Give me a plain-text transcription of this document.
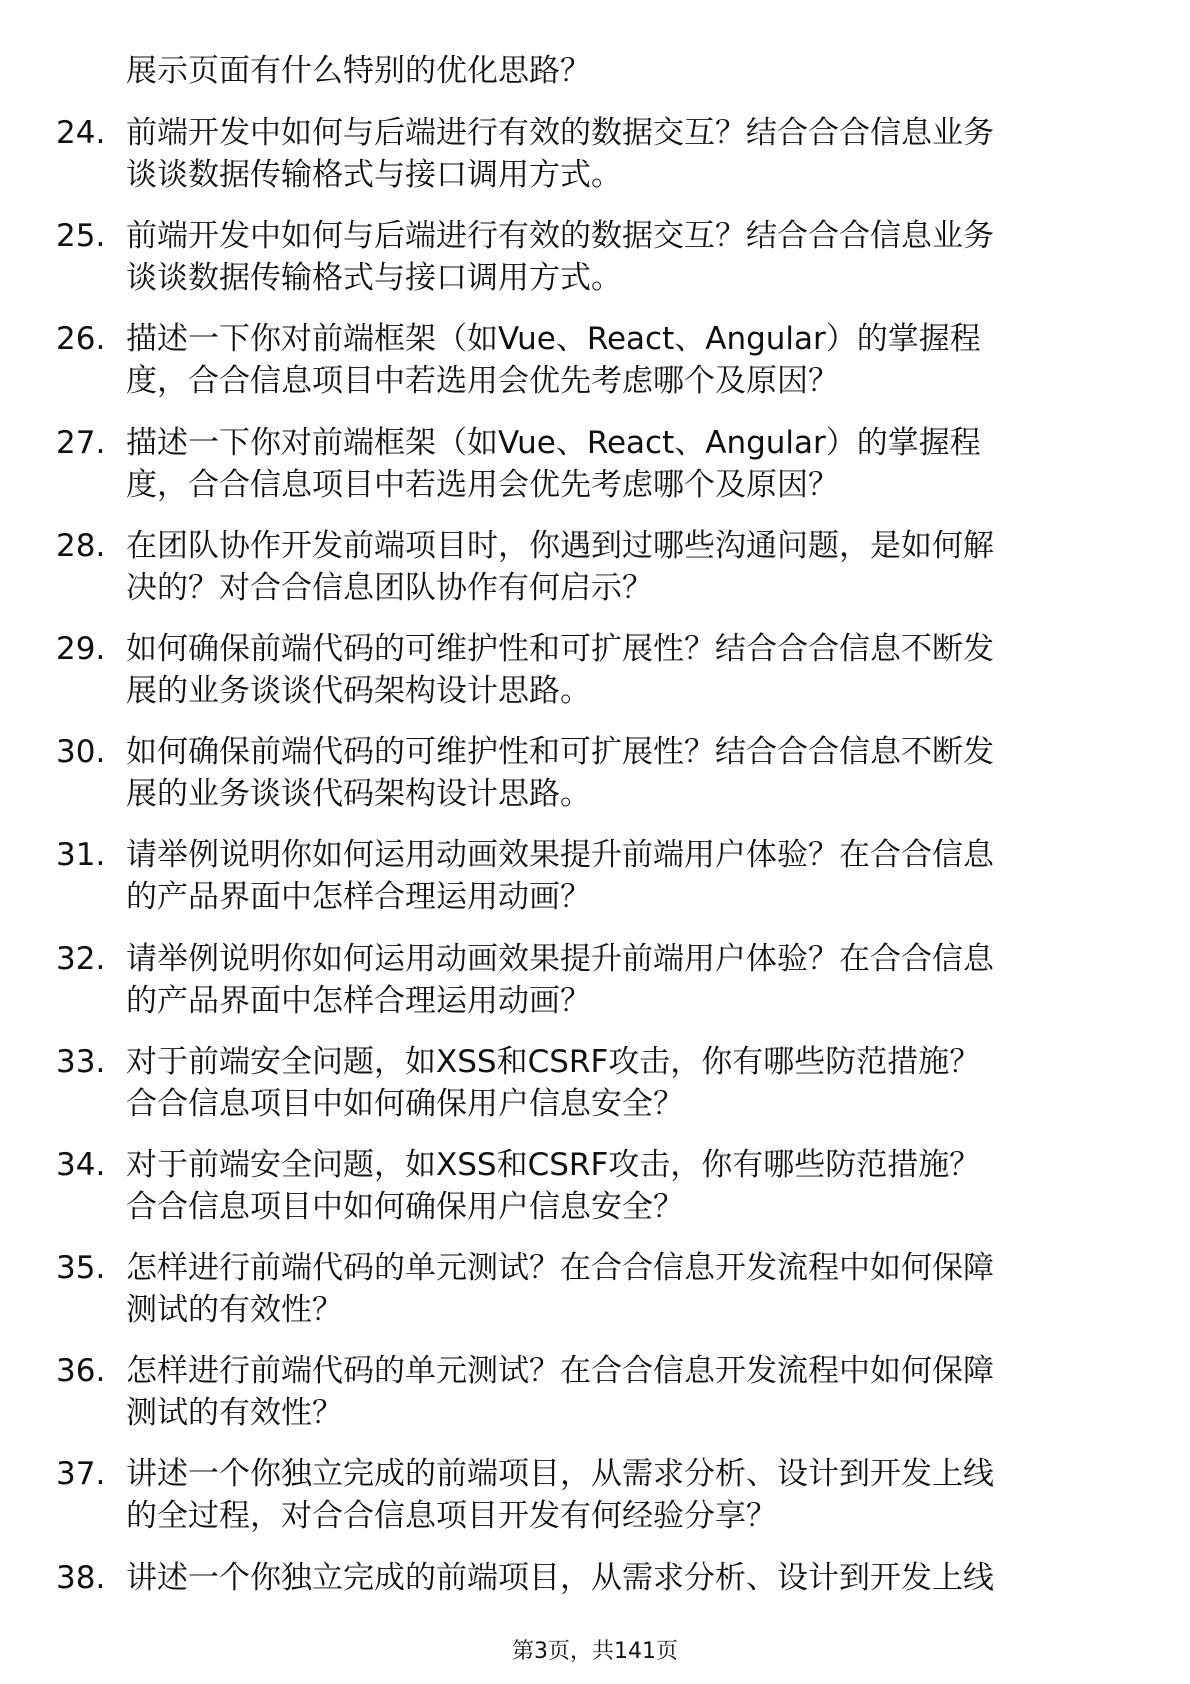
展示页面有什么特别的优化思路？
24. 前端开发中如何与后端进行有效的数据交互？结合合合信息业务
谈谈数据传输格式与接口调用方式。
25. 前端开发中如何与后端进行有效的数据交互？结合合合信息业务
谈谈数据传输格式与接口调用方式。
26. 描述一下你对前端框架（如Vue、React、Angular）的掌握程
度，合合信息项目中若选用会优先考虑哪个及原因？
27. 描述一下你对前端框架（如Vue、React、Angular）的掌握程
度，合合信息项目中若选用会优先考虑哪个及原因？
28. 在团队协作开发前端项目时，你遇到过哪些沟通问题，是如何解
决的？对合合信息团队协作有何启示？
29. 如何确保前端代码的可维护性和可扩展性？结合合合信息不断发
展的业务谈谈代码架构设计思路。
30. 如何确保前端代码的可维护性和可扩展性？结合合合信息不断发
展的业务谈谈代码架构设计思路。
31. 请举例说明你如何运用动画效果提升前端用户体验？在合合信息
的产品界面中怎样合理运用动画？
32. 请举例说明你如何运用动画效果提升前端用户体验？在合合信息
的产品界面中怎样合理运用动画？
33. 对于前端安全问题，如XSS和CSRF攻击，你有哪些防范措施？
合合信息项目中如何确保用户信息安全？
34. 对于前端安全问题，如XSS和CSRF攻击，你有哪些防范措施？
合合信息项目中如何确保用户信息安全？
35. 怎样进行前端代码的单元测试？在合合信息开发流程中如何保障
测试的有效性？
36. 怎样进行前端代码的单元测试？在合合信息开发流程中如何保障
测试的有效性？
37. 讲述一个你独立完成的前端项目，从需求分析、设计到开发上线
的全过程，对合合信息项目开发有何经验分享？
38. 讲述一个你独立完成的前端项目，从需求分析、设计到开发上线
第3页，共141页
